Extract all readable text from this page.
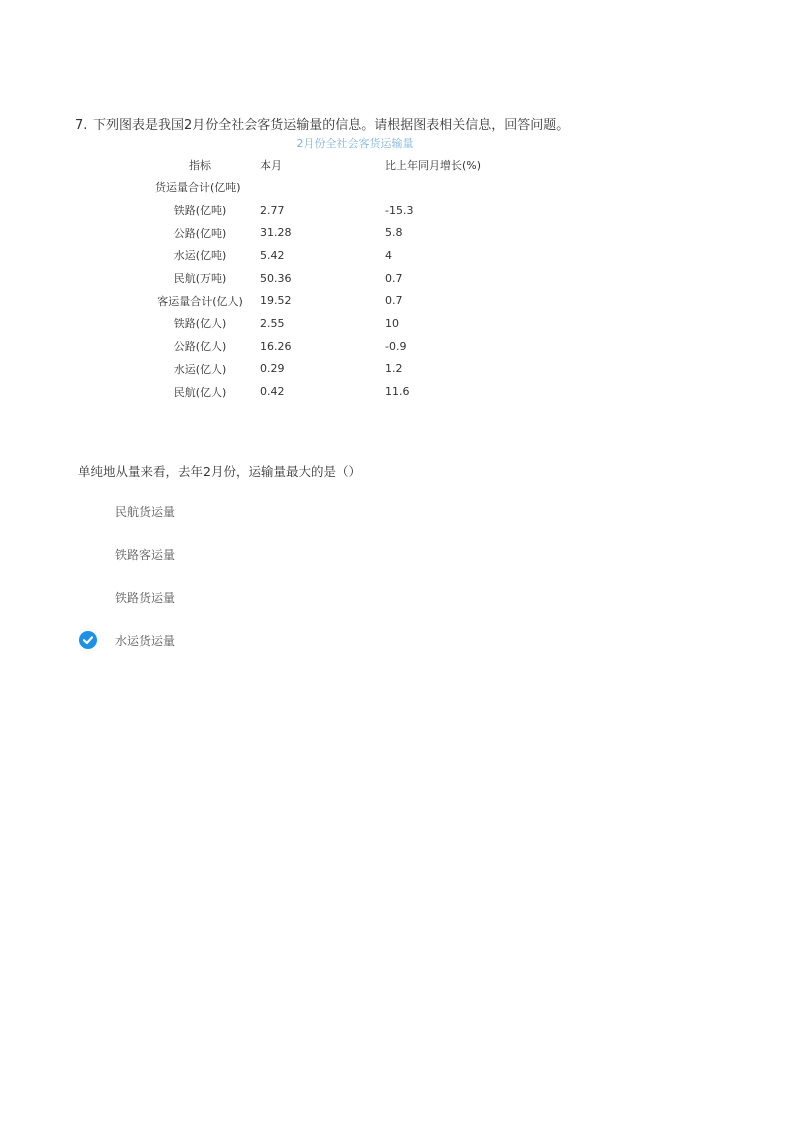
7. 下列图表是我国2月份全社会客货运输量的信息。请根据图表相关信息，回答问题。
2月份全社会客货运输量
指标	本月	比上年同月增长(%)
货运量合计(亿吨)		
铁路(亿吨)	2.77	-15.3
公路(亿吨)	31.28	5.8
水运(亿吨)	5.42	4
民航(万吨)	50.36	0.7
客运量合计(亿人)	19.52	0.7
铁路(亿人)	2.55	10
公路(亿人)	16.26	-0.9
水运(亿人)	0.29	1.2
民航(亿人)	0.42	11.6
单纯地从量来看，去年2月份，运输量最大的是（）
民航货运量
铁路客运量
铁路货运量
水运货运量
